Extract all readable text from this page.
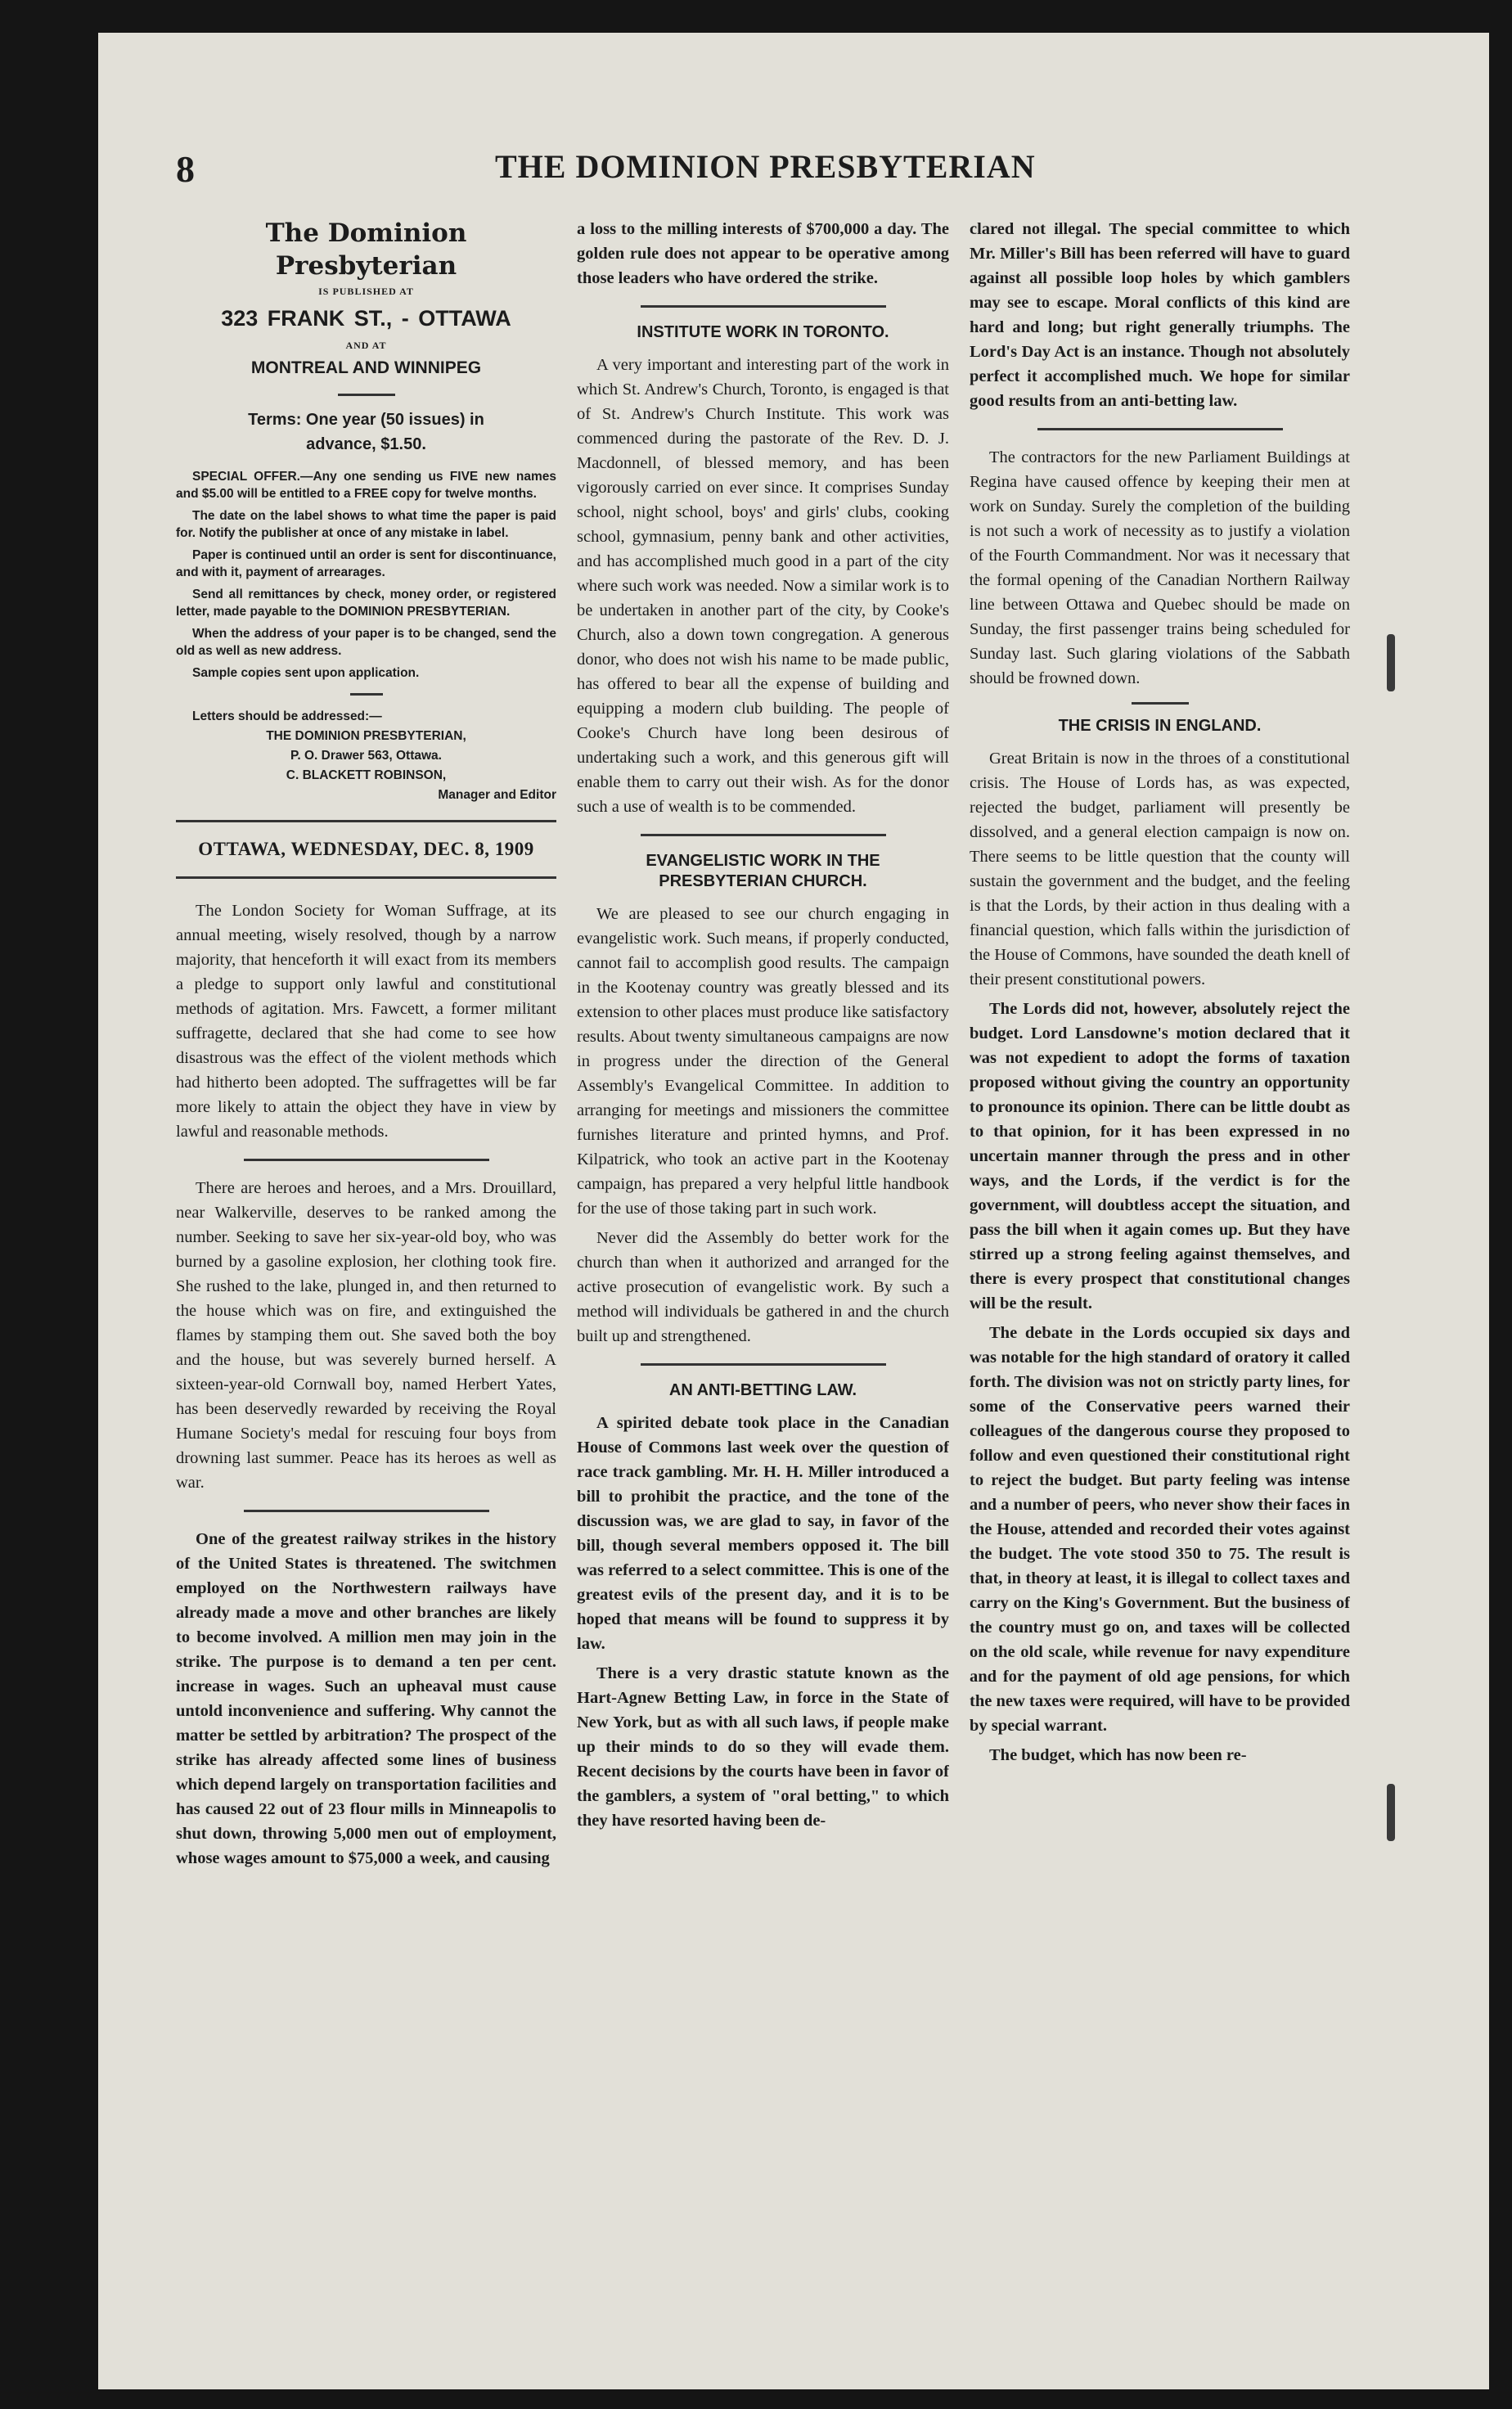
8	THE DOMINION PRESBYTERIAN
The Dominion Presbyterian
IS PUBLISHED AT
323 FRANK ST., - OTTAWA
AND AT
MONTREAL AND WINNIPEG
Terms: One year (50 issues) in
advance, $1.50.

SPECIAL OFFER.—Any one sending us FIVE new names and $5.00 will be entitled to a FREE copy for twelve months.

The date on the label shows to what time the paper is paid for. Notify the publisher at once of any mistake in label.

Paper is continued until an order is sent for discontinuance, and with it, payment of arrearages.

Send all remittances by check, money order, or registered letter, made payable to the DOMINION PRESBYTERIAN.

When the address of your paper is to be changed, send the old as well as new address.

Sample copies sent upon application.

Letters should be addressed:—
THE DOMINION PRESBYTERIAN,
P. O. Drawer 563, Ottawa.
C. BLACKETT ROBINSON,
Manager and Editor
OTTAWA, WEDNESDAY, DEC. 8, 1909

The London Society for Woman Suffrage, at its annual meeting, wisely resolved, though by a narrow majority, that henceforth it will exact from its members a pledge to support only lawful and constitutional methods of agitation. Mrs. Fawcett, a former militant suffragette, declared that she had come to see how disastrous was the effect of the violent methods which had hitherto been adopted. The suffragettes will be far more likely to attain the object they have in view by lawful and reasonable methods.

There are heroes and heroes, and a Mrs. Drouillard, near Walkerville, deserves to be ranked among the number. Seeking to save her six-year-old boy, who was burned by a gasoline explosion, her clothing took fire. She rushed to the lake, plunged in, and then returned to the house which was on fire, and extinguished the flames by stamping them out. She saved both the boy and the house, but was severely burned herself. A sixteen-year-old Cornwall boy, named Herbert Yates, has been deservedly rewarded by receiving the Royal Humane Society's medal for rescuing four boys from drowning last summer. Peace has its heroes as well as war.

One of the greatest railway strikes in the history of the United States is threatened. The switchmen employed on the Northwestern railways have already made a move and other branches are likely to become involved. A million men may join in the strike. The purpose is to demand a ten per cent. increase in wages. Such an upheaval must cause untold inconvenience and suffering. Why cannot the matter be settled by arbitration? The prospect of the strike has already affected some lines of business which depend largely on transportation facilities and has caused 22 out of 23 flour mills in Minneapolis to shut down, throwing 5,000 men out of employment, whose wages amount to $75,000 a week, and causing

a loss to the milling interests of $700,000 a day. The golden rule does not appear to be operative among those leaders who have ordered the strike.

INSTITUTE WORK IN TORONTO.

A very important and interesting part of the work in which St. Andrew's Church, Toronto, is engaged is that of St. Andrew's Church Institute. This work was commenced during the pastorate of the Rev. D. J. Macdonnell, of blessed memory, and has been vigorously carried on ever since. It comprises Sunday school, night school, boys' and girls' clubs, cooking school, gymnasium, penny bank and other activities, and has accomplished much good in a part of the city where such work was needed. Now a similar work is to be undertaken in another part of the city, by Cooke's Church, also a down town congregation. A generous donor, who does not wish his name to be made public, has offered to bear all the expense of building and equipping a modern club building. The people of Cooke's Church have long been desirous of undertaking such a work, and this generous gift will enable them to carry out their wish. As for the donor such a use of wealth is to be commended.

EVANGELISTIC WORK IN THE
PRESBYTERIAN CHURCH.

We are pleased to see our church engaging in evangelistic work. Such means, if properly conducted, cannot fail to accomplish good results. The campaign in the Kootenay country was greatly blessed and its extension to other places must produce like satisfactory results. About twenty simultaneous campaigns are now in progress under the direction of the General Assembly's Evangelical Committee. In addition to arranging for meetings and missioners the committee furnishes literature and printed hymns, and Prof. Kilpatrick, who took an active part in the Kootenay campaign, has prepared a very helpful little handbook for the use of those taking part in such work.

Never did the Assembly do better work for the church than when it authorized and arranged for the active prosecution of evangelistic work. By such a method will individuals be gathered in and the church built up and strengthened.

AN ANTI-BETTING LAW.

A spirited debate took place in the Canadian House of Commons last week over the question of race track gambling. Mr. H. H. Miller introduced a bill to prohibit the practice, and the tone of the discussion was, we are glad to say, in favor of the bill, though several members opposed it. The bill was referred to a select committee. This is one of the greatest evils of the present day, and it is to be hoped that means will be found to suppress it by law.

There is a very drastic statute known as the Hart-Agnew Betting Law, in force in the State of New York, but as with all such laws, if people make up their minds to do so they will evade them. Recent decisions by the courts have been in favor of the gamblers, a system of "oral betting," to which they have resorted having been de-

clared not illegal. The special committee to which Mr. Miller's Bill has been referred will have to guard against all possible loop holes by which gamblers may see to escape. Moral conflicts of this kind are hard and long; but right generally triumphs. The Lord's Day Act is an instance. Though not absolutely perfect it accomplished much. We hope for similar good results from an anti-betting law.

The contractors for the new Parliament Buildings at Regina have caused offence by keeping their men at work on Sunday. Surely the completion of the building is not such a work of necessity as to justify a violation of the Fourth Commandment. Nor was it necessary that the formal opening of the Canadian Northern Railway line between Ottawa and Quebec should be made on Sunday, the first passenger trains being scheduled for Sunday last. Such glaring violations of the Sabbath should be frowned down.

THE CRISIS IN ENGLAND.

Great Britain is now in the throes of a constitutional crisis. The House of Lords has, as was expected, rejected the budget, parliament will presently be dissolved, and a general election campaign is now on. There seems to be little question that the county will sustain the government and the budget, and the feeling is that the Lords, by their action in thus dealing with a financial question, which falls within the jurisdiction of the House of Commons, have sounded the death knell of their present constitutional powers.

The Lords did not, however, absolutely reject the budget. Lord Lansdowne's motion declared that it was not expedient to adopt the forms of taxation proposed without giving the country an opportunity to pronounce its opinion. There can be little doubt as to that opinion, for it has been expressed in no uncertain manner through the press and in other ways, and the Lords, if the verdict is for the government, will doubtless accept the situation, and pass the bill when it again comes up. But they have stirred up a strong feeling against themselves, and there is every prospect that constitutional changes will be the result.

The debate in the Lords occupied six days and was notable for the high standard of oratory it called forth. The division was not on strictly party lines, for some of the Conservative peers warned their colleagues of the dangerous course they proposed to follow and even questioned their constitutional right to reject the budget. But party feeling was intense and a number of peers, who never show their faces in the House, attended and recorded their votes against the budget. The vote stood 350 to 75. The result is that, in theory at least, it is illegal to collect taxes and carry on the King's Government. But the business of the country must go on, and taxes will be collected on the old scale, while revenue for navy expenditure and for the payment of old age pensions, for which the new taxes were required, will have to be provided by special warrant.

The budget, which has now been re-
